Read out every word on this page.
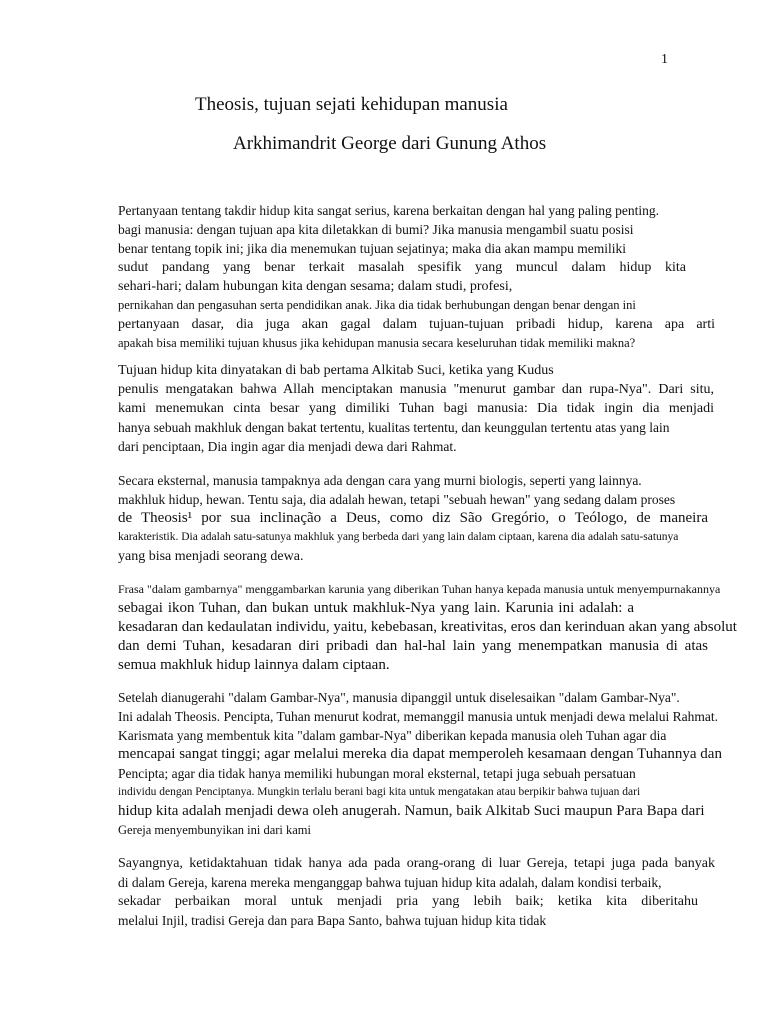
1
Theosis, tujuan sejati kehidupan manusia
Arkhimandrit George dari Gunung Athos
Pertanyaan tentang takdir hidup kita sangat serius, karena berkaitan dengan hal yang paling penting.
bagi manusia: dengan tujuan apa kita diletakkan di bumi? Jika manusia mengambil suatu posisi
benar tentang topik ini; jika dia menemukan tujuan sejatinya; maka dia akan mampu memiliki
sudut pandang yang benar terkait masalah spesifik yang muncul dalam hidup kita
sehari-hari; dalam hubungan kita dengan sesama; dalam studi, profesi,
pernikahan dan pengasuhan serta pendidikan anak. Jika dia tidak berhubungan dengan benar dengan ini
pertanyaan dasar, dia juga akan gagal dalam tujuan-tujuan pribadi hidup, karena apa arti
apakah bisa memiliki tujuan khusus jika kehidupan manusia secara keseluruhan tidak memiliki makna?
Tujuan hidup kita dinyatakan di bab pertama Alkitab Suci, ketika yang Kudus
penulis mengatakan bahwa Allah menciptakan manusia "menurut gambar dan rupa-Nya". Dari situ,
kami menemukan cinta besar yang dimiliki Tuhan bagi manusia: Dia tidak ingin dia menjadi
hanya sebuah makhluk dengan bakat tertentu, kualitas tertentu, dan keunggulan tertentu atas yang lain
dari penciptaan, Dia ingin agar dia menjadi dewa dari Rahmat.
Secara eksternal, manusia tampaknya ada dengan cara yang murni biologis, seperti yang lainnya.
makhluk hidup, hewan. Tentu saja, dia adalah hewan, tetapi "sebuah hewan" yang sedang dalam proses
de Theosis¹ por sua inclinação a Deus, como diz São Gregório, o Teólogo, de maneira
karakteristik. Dia adalah satu-satunya makhluk yang berbeda dari yang lain dalam ciptaan, karena dia adalah satu-satunya
yang bisa menjadi seorang dewa.
Frasa "dalam gambarnya" menggambarkan karunia yang diberikan Tuhan hanya kepada manusia untuk menyempurnakannya
sebagai ikon Tuhan, dan bukan untuk makhluk-Nya yang lain. Karunia ini adalah: a
kesadaran dan kedaulatan individu, yaitu, kebebasan, kreativitas, eros dan kerinduan akan yang absolut
dan demi Tuhan, kesadaran diri pribadi dan hal-hal lain yang menempatkan manusia di atas
semua makhluk hidup lainnya dalam ciptaan.
Setelah dianugerahi "dalam Gambar-Nya", manusia dipanggil untuk diselesaikan "dalam Gambar-Nya".
Ini adalah Theosis. Pencipta, Tuhan menurut kodrat, memanggil manusia untuk menjadi dewa melalui Rahmat.
Karismata yang membentuk kita "dalam gambar-Nya" diberikan kepada manusia oleh Tuhan agar dia
mencapai sangat tinggi; agar melalui mereka dia dapat memperoleh kesamaan dengan Tuhannya dan
Pencipta; agar dia tidak hanya memiliki hubungan moral eksternal, tetapi juga sebuah persatuan
individu dengan Penciptanya. Mungkin terlalu berani bagi kita untuk mengatakan atau berpikir bahwa tujuan dari
hidup kita adalah menjadi dewa oleh anugerah. Namun, baik Alkitab Suci maupun Para Bapa dari
Gereja menyembunyikan ini dari kami
Sayangnya, ketidaktahuan tidak hanya ada pada orang-orang di luar Gereja, tetapi juga pada banyak
di dalam Gereja, karena mereka menganggap bahwa tujuan hidup kita adalah, dalam kondisi terbaik,
sekadar perbaikan moral untuk menjadi pria yang lebih baik; ketika kita diberitahu
melalui Injil, tradisi Gereja dan para Bapa Santo, bahwa tujuan hidup kita tidak
